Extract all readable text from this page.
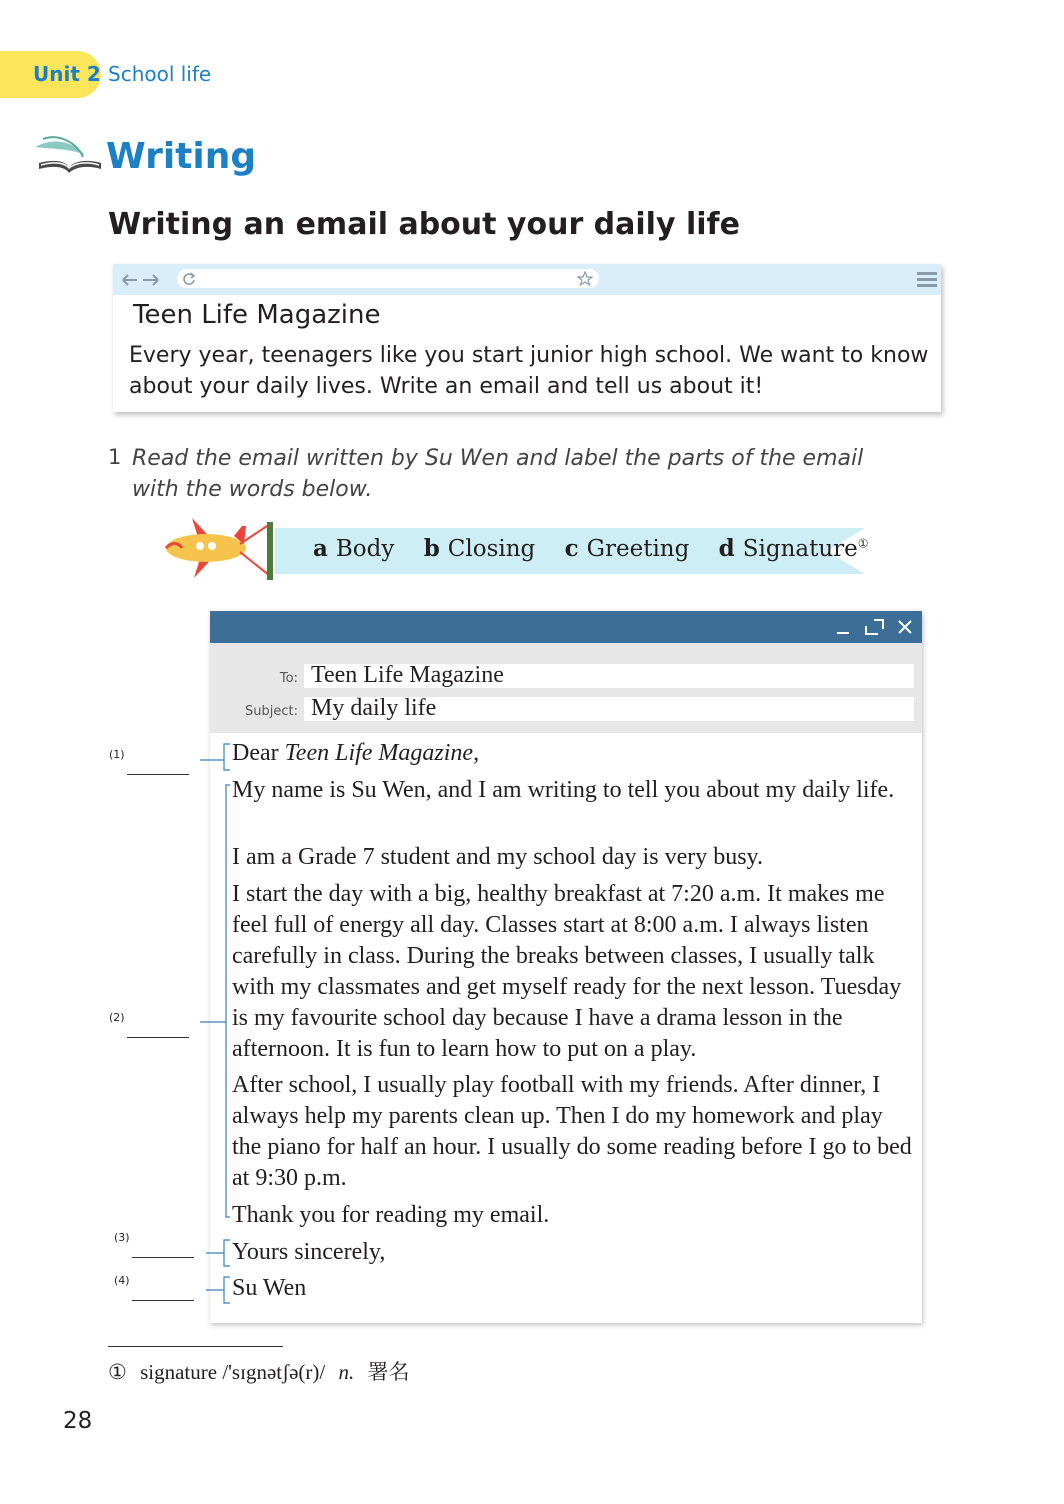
Unit 2 School life
Writing
Writing an email about your daily life
Teen Life Magazine
Every year, teenagers like you start junior high school. We want to know about your daily lives. Write an email and tell us about it!
1 Read the email written by Su Wen and label the parts of the email with the words below.
a Body b Closing c Greeting d Signature①
To: Teen Life Magazine
Subject: My daily life
Dear Teen Life Magazine,
My name is Su Wen, and I am writing to tell you about my daily life.
I am a Grade 7 student and my school day is very busy.
I start the day with a big, healthy breakfast at 7:20 a.m. It makes me feel full of energy all day. Classes start at 8:00 a.m. I always listen carefully in class. During the breaks between classes, I usually talk with my classmates and get myself ready for the next lesson. Tuesday is my favourite school day because I have a drama lesson in the afternoon. It is fun to learn how to put on a play.
After school, I usually play football with my friends. After dinner, I always help my parents clean up. Then I do my homework and play the piano for half an hour. I usually do some reading before I go to bed at 9:30 p.m.
Thank you for reading my email.
Yours sincerely,
Su Wen
(1)
(2)
(3)
(4)
① signature /'sɪgnətʃə(r)/ n. 署名
28
